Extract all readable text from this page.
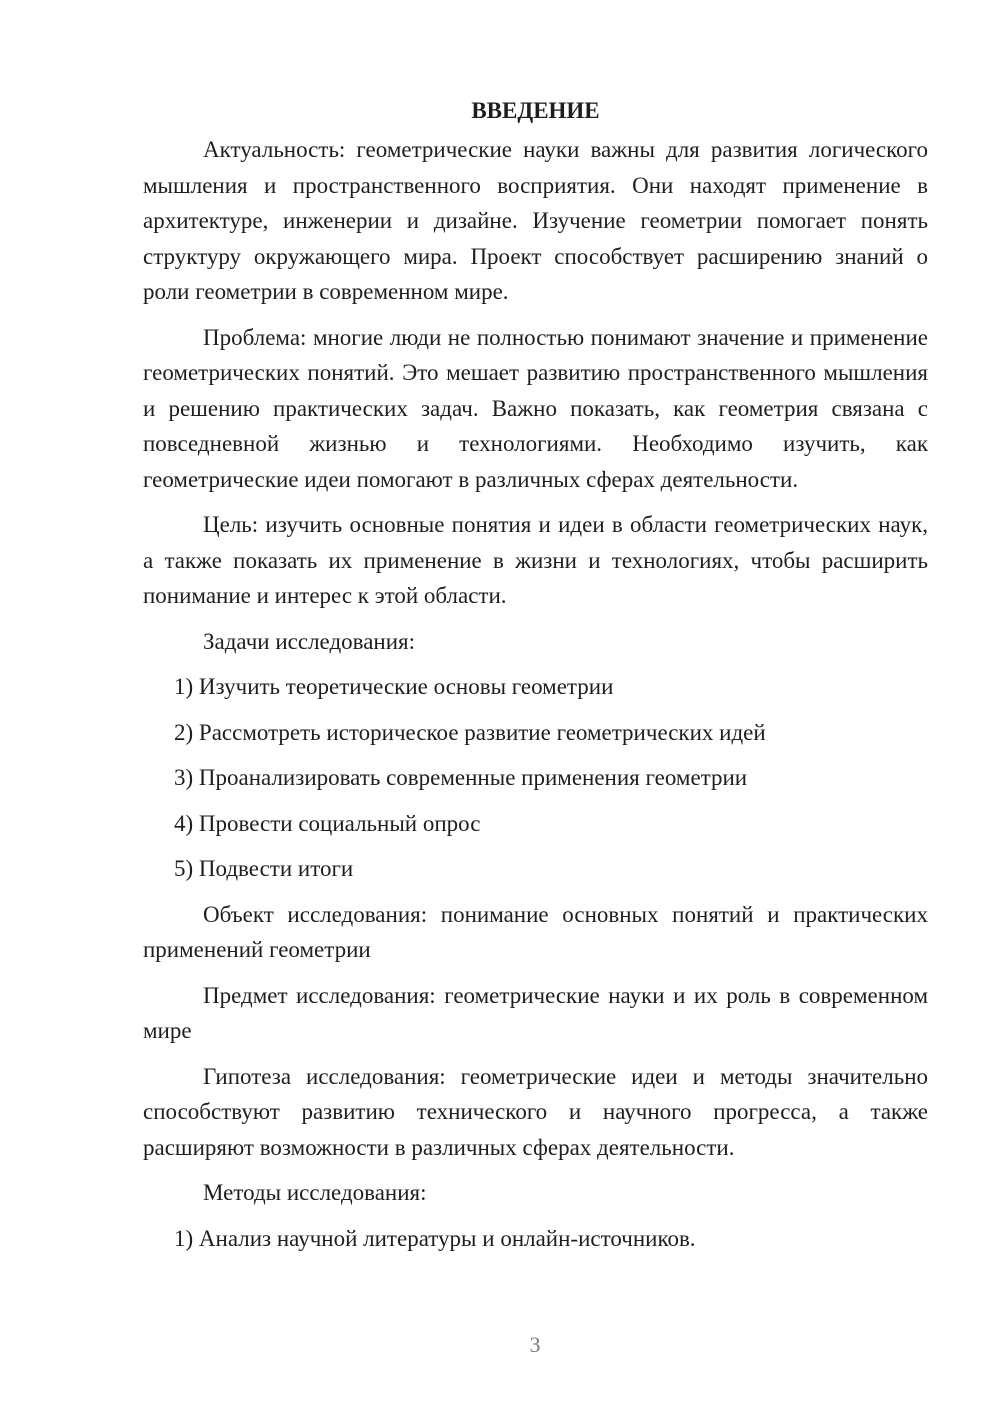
ВВЕДЕНИЕ

Актуальность: геометрические науки важны для развития логического мышления и пространственного восприятия. Они находят применение в архитектуре, инженерии и дизайне. Изучение геометрии помогает понять структуру окружающего мира. Проект способствует расширению знаний о роли геометрии в современном мире.

Проблема: многие люди не полностью понимают значение и применение геометрических понятий. Это мешает развитию пространственного мышления и решению практических задач. Важно показать, как геометрия связана с повседневной жизнью и технологиями. Необходимо изучить, как геометрические идеи помогают в различных сферах деятельности.

Цель: изучить основные понятия и идеи в области геометрических наук, а также показать их применение в жизни и технологиях, чтобы расширить понимание и интерес к этой области.

Задачи исследования:

1) Изучить теоретические основы геометрии
2) Рассмотреть историческое развитие геометрических идей
3) Проанализировать современные применения геометрии
4) Провести социальный опрос
5) Подвести итоги

Объект исследования: понимание основных понятий и практических применений геометрии

Предмет исследования: геометрические науки и их роль в современном мире

Гипотеза исследования: геометрические идеи и методы значительно способствуют развитию технического и научного прогресса, а также расширяют возможности в различных сферах деятельности.

Методы исследования:

1) Анализ научной литературы и онлайн-источников.
3
